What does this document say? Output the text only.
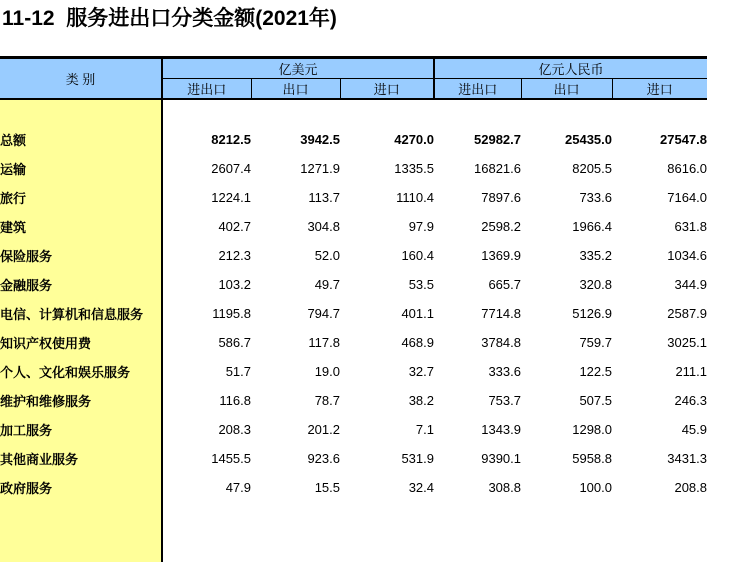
11-12  服务进出口分类金额(2021年)
类 别	亿美元			亿元人民币		
	进出口	出口	进口	进出口	出口	进口

总额	8212.5	3942.5	4270.0	52982.7	25435.0	27547.8
运输	2607.4	1271.9	1335.5	16821.6	8205.5	8616.0
旅行	1224.1	113.7	1110.4	7897.6	733.6	7164.0
建筑	402.7	304.8	97.9	2598.2	1966.4	631.8
保险服务	212.3	52.0	160.4	1369.9	335.2	1034.6
金融服务	103.2	49.7	53.5	665.7	320.8	344.9
电信、计算机和信息服务	1195.8	794.7	401.1	7714.8	5126.9	2587.9
知识产权使用费	586.7	117.8	468.9	3784.8	759.7	3025.1
个人、文化和娱乐服务	51.7	19.0	32.7	333.6	122.5	211.1
维护和维修服务	116.8	78.7	38.2	753.7	507.5	246.3
加工服务	208.3	201.2	7.1	1343.9	1298.0	45.9
其他商业服务	1455.5	923.6	531.9	9390.1	5958.8	3431.3
政府服务	47.9	15.5	32.4	308.8	100.0	208.8
